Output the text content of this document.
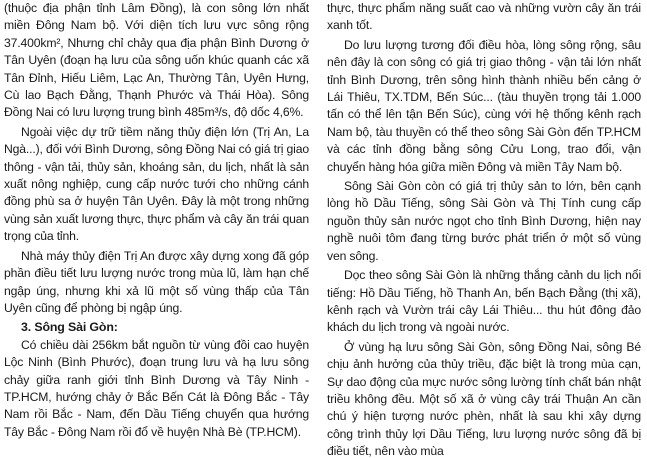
(thuộc địa phận tỉnh Lâm Đồng), là con sông lớn nhất miền Đông Nam bộ. Với diện tích lưu vực sông rộng 37.400km², Nhưng chỉ chảy qua địa phận Bình Dương ở Tân Uyên (đoạn hạ lưu của sông uốn khúc quanh các xã Tân Đỉnh, Hiếu Liêm, Lạc An, Thường Tân, Uyên Hưng, Cù lao Bạch Đằng, Thạnh Phước và Thái Hòa). Sông Đồng Nai có lưu lượng trung bình 485m³/s, độ dốc 4,6%.

Ngoài việc dự trữ tiềm năng thủy điện lớn (Trị An, La Ngà...), đối với Bình Dương, sông Đồng Nai có giá trị giao thông - vận tải, thủy sản, khoáng sản, du lịch, nhất là sản xuất nông nghiệp, cung cấp nước tưới cho những cánh đồng phù sa ở huyện Tân Uyên. Đây là một trong những vùng sản xuất lương thực, thực phẩm và cây ăn trái quan trọng của tỉnh.

Nhà máy thủy điện Trị An được xây dựng xong đã góp phần điều tiết lưu lượng nước trong mùa lũ, làm hạn chế ngập úng, nhưng khi xả lũ một số vùng thấp của Tân Uyên cũng để phòng bị ngập úng.

3. Sông Sài Gòn:

Có chiều dài 256km bắt nguồn từ vùng đồi cao huyện Lộc Ninh (Bình Phước), đoạn trung lưu và hạ lưu sông chảy giữa ranh giới tỉnh Bình Dương và Tây Ninh - TP.HCM, hướng chảy ở Bắc Bến Cát là Đông Bắc - Tây Nam rồi Bắc - Nam, đến Dầu Tiếng chuyển qua hướng Tây Bắc - Đông Nam rồi đổ về huyện Nhà Bè (TP.HCM).

thực, thực phẩm năng suất cao và những vườn cây ăn trái xanh tốt.

Do lưu lượng tương đối điều hòa, lòng sông rộng, sâu nên đây là con sông có giá trị giao thông - vận tải lớn nhất tỉnh Bình Dương, trên sông hình thành nhiều bến cảng ở Lái Thiêu, TX.TDM, Bến Súc... (tàu thuyền trọng tải 1.000 tấn có thể lên tận Bến Súc), cùng với hệ thống kênh rạch Nam bộ, tàu thuyền có thể theo sông Sài Gòn đến TP.HCM và các tỉnh đồng bằng sông Cửu Long, trao đổi, vận chuyển hàng hóa giữa miền Đông và miền Tây Nam bộ.

Sông Sài Gòn còn có giá trị thủy sản to lớn, bên cạnh lòng hồ Dầu Tiếng, sông Sài Gòn và Thị Tính cung cấp nguồn thủy sản nước ngọt cho tỉnh Bình Dương, hiện nay nghề nuôi tôm đang từng bước phát triển ở một số vùng ven sông.

Dọc theo sông Sài Gòn là những thắng cảnh du lịch nổi tiếng: Hồ Dầu Tiếng, hồ Thanh An, bến Bạch Đằng (thị xã), kênh rạch và Vườn trái cây Lái Thiêu... thu hút đông đảo khách du lịch trong và ngoài nước.

Ở vùng hạ lưu sông Sài Gòn, sông Đồng Nai, sông Bé chịu ảnh hưởng của thủy triều, đặc biệt là trong mùa cạn, Sự dao động của mực nước sông lường tính chất bán nhật triều không đều. Một số xã ở vùng cây trái Thuận An cần chú ý hiện tượng nước phèn, nhất là sau khi xây dựng công trình thủy lợi Dầu Tiếng, lưu lượng nước sông đã bị điều tiết, nên vào mùa
